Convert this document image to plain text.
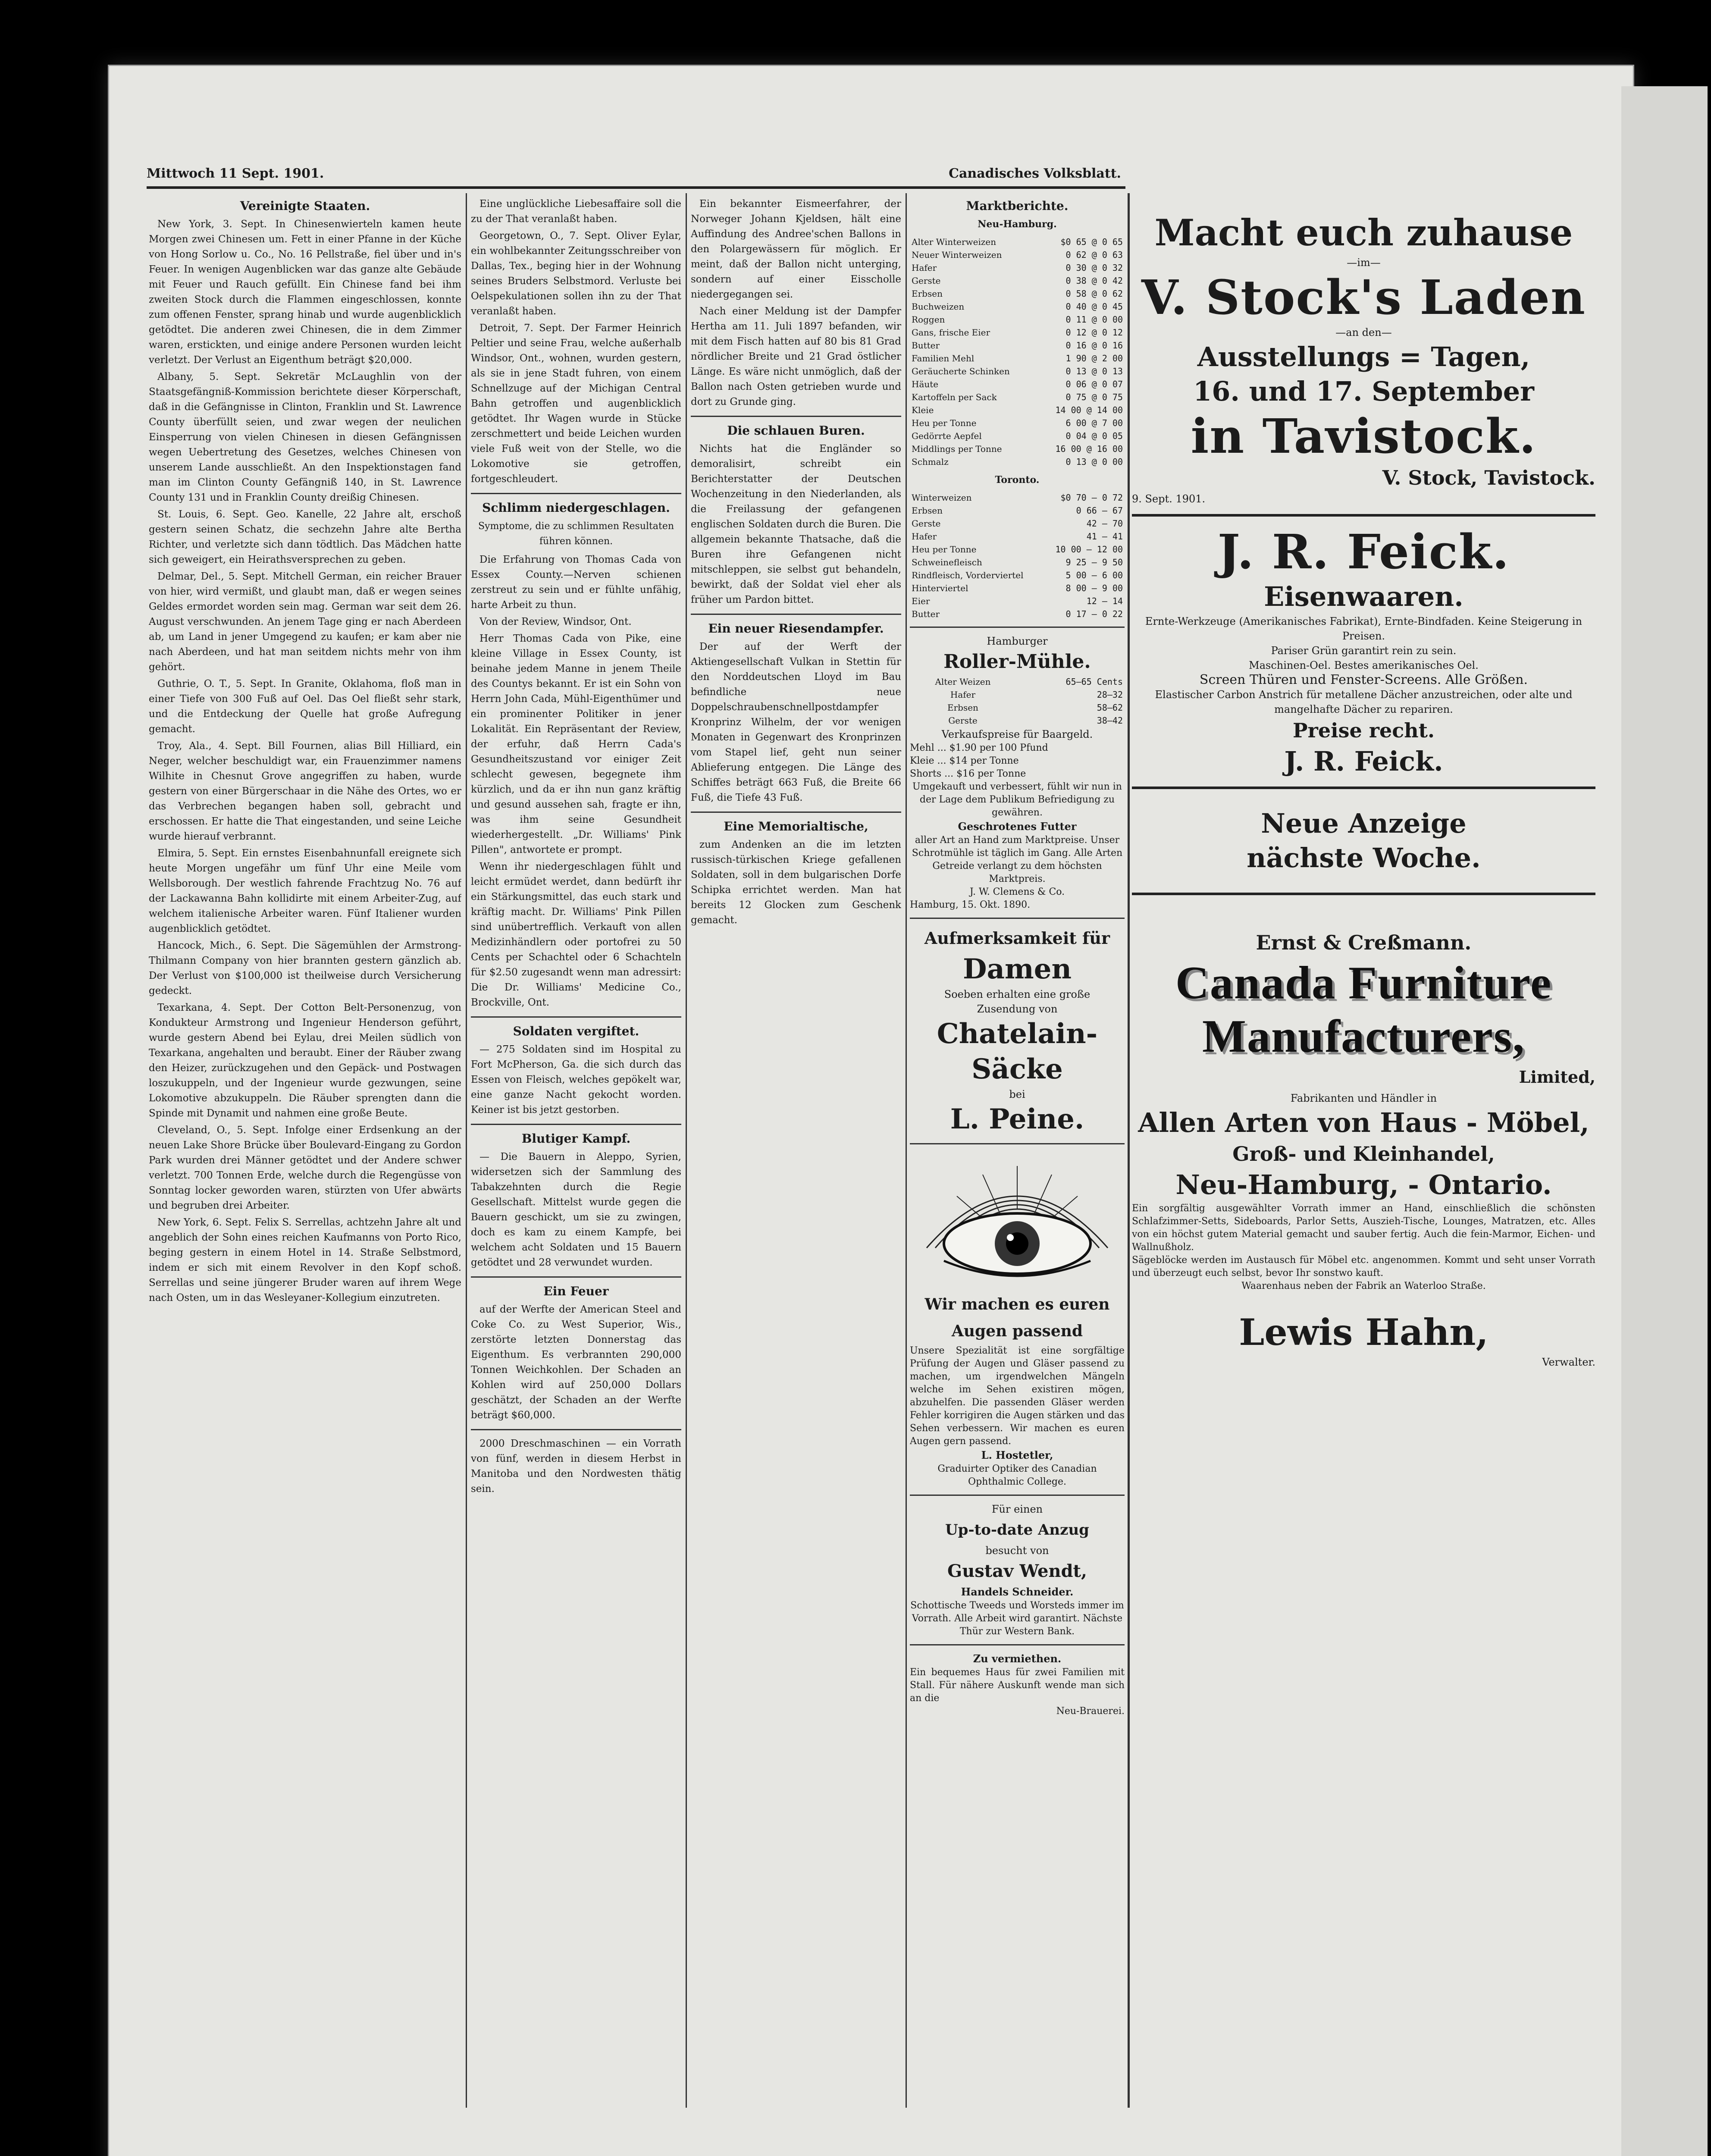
Mittwoch 11 Sept. 1901.	Canadisches Volksblatt.
Vereinigte Staaten.

New York, 3. Sept. In Chinesenwierteln kamen heute Morgen zwei Chinesen um. Fett in einer Pfanne in der Küche von Hong Sorlow u. Co., No. 16 Pellstraße, fiel über und in's Feuer. In wenigen Augenblicken war das ganze alte Gebäude mit Feuer und Rauch gefüllt. Ein Chinese fand bei ihm zweiten Stock durch die Flammen eingeschlossen, konnte zum offenen Fenster, sprang hinab und wurde augenblicklich getödtet. Die anderen zwei Chinesen, die in dem Zimmer waren, erstickten, und einige andere Personen wurden leicht verletzt. Der Verlust an Eigenthum beträgt $20,000.

Albany, 5. Sept. Sekretär McLaughlin von der Staatsgefängniß-Kommission berichtete dieser Körperschaft, daß in die Gefängnisse in Clinton, Franklin und St. Lawrence County überfüllt seien, und zwar wegen der neulichen Einsperrung von vielen Chinesen in diesen Gefängnissen wegen Uebertretung des Gesetzes, welches Chinesen von unserem Lande ausschließt. An den Inspektionstagen fand man im Clinton County Gefängniß 140, in St. Lawrence County 131 und in Franklin County dreißig Chinesen.

St. Louis, 6. Sept. Geo. Kanelle, 22 Jahre alt, erschoß gestern seinen Schatz, die sechzehn Jahre alte Bertha Richter, und verletzte sich dann tödtlich. Das Mädchen hatte sich geweigert, ein Heirathsversprechen zu geben.

Delmar, Del., 5. Sept. Mitchell German, ein reicher Brauer von hier, wird vermißt, und glaubt man, daß er wegen seines Geldes ermordet worden sein mag. German war seit dem 26. August verschwunden. An jenem Tage ging er nach Aberdeen ab, um Land in jener Umgegend zu kaufen; er kam aber nie nach Aberdeen, und hat man seitdem nichts mehr von ihm gehört.

Guthrie, O. T., 5. Sept. In Granite, Oklahoma, floß man in einer Tiefe von 300 Fuß auf Oel. Das Oel fließt sehr stark, und die Entdeckung der Quelle hat große Aufregung gemacht.

Troy, Ala., 4. Sept. Bill Fournen, alias Bill Hilliard, ein Neger, welcher beschuldigt war, ein Frauenzimmer namens Wilhite in Chesnut Grove angegriffen zu haben, wurde gestern von einer Bürgerschaar in die Nähe des Ortes, wo er das Verbrechen begangen haben soll, gebracht und erschossen. Er hatte die That eingestanden, und seine Leiche wurde hierauf verbrannt.

Elmira, 5. Sept. Ein ernstes Eisenbahnunfall ereignete sich heute Morgen ungefähr um fünf Uhr eine Meile vom Wellsborough. Der westlich fahrende Frachtzug No. 76 auf der Lackawanna Bahn kollidirte mit einem Arbeiter-Zug, auf welchem italienische Arbeiter waren. Fünf Italiener wurden augenblicklich getödtet.

Hancock, Mich., 6. Sept. Die Sägemühlen der Armstrong-Thilmann Company von hier brannten gestern gänzlich ab. Der Verlust von $100,000 ist theilweise durch Versicherung gedeckt.

Texarkana, 4. Sept. Der Cotton Belt-Personenzug, von Kondukteur Armstrong und Ingenieur Henderson geführt, wurde gestern Abend bei Eylau, drei Meilen südlich von Texarkana, angehalten und beraubt. Einer der Räuber zwang den Heizer, zurückzugehen und den Gepäck- und Postwagen loszukuppeln, und der Ingenieur wurde gezwungen, seine Lokomotive abzukuppeln. Die Räuber sprengten dann die Spinde mit Dynamit und nahmen eine große Beute.

Cleveland, O., 5. Sept. Infolge einer Erdsenkung an der neuen Lake Shore Brücke über Boulevard-Eingang zu Gordon Park wurden drei Männer getödtet und der Andere schwer verletzt. 700 Tonnen Erde, welche durch die Regengüsse von Sonntag locker geworden waren, stürzten von Ufer abwärts und begruben drei Arbeiter.

New York, 6. Sept. Felix S. Serrellas, achtzehn Jahre alt und angeblich der Sohn eines reichen Kaufmanns von Porto Rico, beging gestern in einem Hotel in 14. Straße Selbstmord, indem er sich mit einem Revolver in den Kopf schoß. Serrellas und seine jüngerer Bruder waren auf ihrem Wege nach Osten, um in das Wesleyaner-Kollegium einzutreten.

Eine unglückliche Liebesaffaire soll die zu der That veranlaßt haben.

Georgetown, O., 7. Sept. Oliver Eylar, ein wohlbekannter Zeitungsschreiber von Dallas, Tex., beging hier in der Wohnung seines Bruders Selbstmord. Verluste bei Oelspekulationen sollen ihn zu der That veranlaßt haben.

Detroit, 7. Sept. Der Farmer Heinrich Peltier und seine Frau, welche außerhalb Windsor, Ont., wohnen, wurden gestern, als sie in jene Stadt fuhren, von einem Schnellzuge auf der Michigan Central Bahn getroffen und augenblicklich getödtet. Ihr Wagen wurde in Stücke zerschmettert und beide Leichen wurden viele Fuß weit von der Stelle, wo die Lokomotive sie getroffen, fortgeschleudert.

Schlimm niedergeschlagen.
Symptome, die zu schlimmen Resultaten führen können.

Die Erfahrung von Thomas Cada von Essex County.—Nerven schienen zerstreut zu sein und er fühlte unfähig, harte Arbeit zu thun.

Von der Review, Windsor, Ont.

Herr Thomas Cada von Pike, eine kleine Village in Essex County, ist beinahe jedem Manne in jenem Theile des Countys bekannt. Er ist ein Sohn von Herrn John Cada, Mühl-Eigenthümer und ein prominenter Politiker in jener Lokalität. Ein Repräsentant der Review, der erfuhr, daß Herrn Cada's Gesundheitszustand vor einiger Zeit schlecht gewesen, begegnete ihm kürzlich, und da er ihn nun ganz kräftig und gesund aussehen sah, fragte er ihn, was ihm seine Gesundheit wiederhergestellt. „Dr. Williams' Pink Pillen", antwortete er prompt.

Wenn ihr niedergeschlagen fühlt und leicht ermüdet werdet, dann bedürft ihr ein Stärkungsmittel, das euch stark und kräftig macht. Dr. Williams' Pink Pillen sind unübertrefflich. Verkauft von allen Medizinhändlern oder portofrei zu 50 Cents per Schachtel oder 6 Schachteln für $2.50 zugesandt wenn man adressirt: Die Dr. Williams' Medicine Co., Brockville, Ont.

Soldaten vergiftet.

— 275 Soldaten sind im Hospital zu Fort McPherson, Ga. die sich durch das Essen von Fleisch, welches gepökelt war, eine ganze Nacht gekocht worden. Keiner ist bis jetzt gestorben.

Blutiger Kampf.

— Die Bauern in Aleppo, Syrien, widersetzen sich der Sammlung des Tabakzehnten durch die Regie Gesellschaft. Mittelst wurde gegen die Bauern geschickt, um sie zu zwingen, doch es kam zu einem Kampfe, bei welchem acht Soldaten und 15 Bauern getödtet und 28 verwundet wurden.

Ein Feuer

auf der Werfte der American Steel and Coke Co. zu West Superior, Wis., zerstörte letzten Donnerstag das Eigenthum. Es verbrannten 290,000 Tonnen Weichkohlen. Der Schaden an Kohlen wird auf 250,000 Dollars geschätzt, der Schaden an der Werfte beträgt $60,000.

2000 Dreschmaschinen — ein Vorrath von fünf, werden in diesem Herbst in Manitoba und den Nordwesten thätig sein.

Ein bekannter Eismeerfahrer, der Norweger Johann Kjeldsen, hält eine Auffindung des Andree'schen Ballons in den Polargewässern für möglich. Er meint, daß der Ballon nicht unterging, sondern auf einer Eisscholle niedergegangen sei.

Nach einer Meldung ist der Dampfer Hertha am 11. Juli 1897 befanden, wir mit dem Fisch hatten auf 80 bis 81 Grad nördlicher Breite und 21 Grad östlicher Länge. Es wäre nicht unmöglich, daß der Ballon nach Osten getrieben wurde und dort zu Grunde ging.

Die schlauen Buren.

Nichts hat die Engländer so demoralisirt, schreibt ein Berichterstatter der Deutschen Wochenzeitung in den Niederlanden, als die Freilassung der gefangenen englischen Soldaten durch die Buren. Die allgemein bekannte Thatsache, daß die Buren ihre Gefangenen nicht mitschleppen, sie selbst gut behandeln, bewirkt, daß der Soldat viel eher als früher um Pardon bittet.

Ein neuer Riesendampfer.

Der auf der Werft der Aktiengesellschaft Vulkan in Stettin für den Norddeutschen Lloyd im Bau befindliche neue Doppelschraubenschnellpostdampfer Kronprinz Wilhelm, der vor wenigen Monaten in Gegenwart des Kronprinzen vom Stapel lief, geht nun seiner Ablieferung entgegen. Die Länge des Schiffes beträgt 663 Fuß, die Breite 66 Fuß, die Tiefe 43 Fuß.

Eine Memorialtische,

zum Andenken an die im letzten russisch-türkischen Kriege gefallenen Soldaten, soll in dem bulgarischen Dorfe Schipka errichtet werden. Man hat bereits 12 Glocken zum Geschenk gemacht.

Marktberichte.
Neu-Hamburg.
Alter Winterweizen	$0 65 @ 0 65
Neuer Winterweizen	0 62 @ 0 63
Hafer	0 30 @ 0 32
Gerste	0 38 @ 0 42
Erbsen	0 58 @ 0 62
Buchweizen	0 40 @ 0 45
Roggen	0 11 @ 0 00
Gans, frische Eier	0 12 @ 0 12
Butter	0 16 @ 0 16
Familien Mehl	1 90 @ 2 00
Geräucherte Schinken	0 13 @ 0 13
Häute	0 06 @ 0 07
Kartoffeln per Sack	0 75 @ 0 75
Kleie	14 00 @ 14 00
Heu per Tonne	6 00 @ 7 00
Gedörrte Aepfel	0 04 @ 0 05
Middlings per Tonne	16 00 @ 16 00
Schmalz	0 13 @ 0 00
Toronto.
Winterweizen	$0 70 — 0 72
Erbsen	0 66 — 67
Gerste	42 — 70
Hafer	41 — 41
Heu per Tonne	10 00 — 12 00
Schweinefleisch	9 25 — 9 50
Rindfleisch, Vorderviertel	5 00 — 6 00
Hinterviertel	8 00 — 9 00
Eier	12 — 14
Butter	0 17 — 0 22
Hamburger
Roller-Mühle.
Alter Weizen	65—65 Cents
Hafer	28—32
Erbsen	58—62
Gerste	38—42
Verkaufspreise für Baargeld.
Mehl ... $1.90 per 100 Pfund
Kleie ... $14 per Tonne
Shorts ... $16 per Tonne
Umgekauft und verbessert, fühlt wir nun in der Lage dem Publikum Befriedigung zu gewähren.
Geschrotenes Futter
aller Art an Hand zum Marktpreise. Unser Schrotmühle ist täglich im Gang. Alle Arten Getreide verlangt zu dem höchsten Marktpreis.
J. W. Clemens & Co.
Hamburg, 15. Okt. 1890.
Aufmerksamkeit für
Damen
Soeben erhalten eine große
Zusendung von
Chatelain-
Säcke
bei
L. Peine.
Wir machen es euren
Augen passend
Unsere Spezialität ist eine sorgfältige Prüfung der Augen und Gläser passend zu machen, um irgendwelchen Mängeln welche im Sehen existiren mögen, abzuhelfen. Die passenden Gläser werden Fehler korrigiren die Augen stärken und das Sehen verbessern. Wir machen es euren Augen gern passend.
L. Hostetler,
Graduirter Optiker des Canadian Ophthalmic College.
Für einen
Up-to-date Anzug
besucht von
Gustav Wendt,
Handels Schneider.
Schottische Tweeds und Worsteds immer im Vorrath. Alle Arbeit wird garantirt. Nächste Thür zur Western Bank.
Zu vermiethen.
Ein bequemes Haus für zwei Familien mit Stall. Für nähere Auskunft wende man sich an die
Neu-Brauerei.
Macht euch zuhause
—im—
V. Stock's Laden
—an den—
Ausstellungs = Tagen,
16. und 17. September
in Tavistock.
V. Stock, Tavistock.
9. Sept. 1901.
J. R. Feick.
Eisenwaaren.
Ernte-Werkzeuge (Amerikanisches Fabrikat), Ernte-Bindfaden. Keine Steigerung in Preisen.
Pariser Grün garantirt rein zu sein.
Maschinen-Oel. Bestes amerikanisches Oel.
Screen Thüren und Fenster-Screens. Alle Größen.
Elastischer Carbon Anstrich für metallene Dächer anzustreichen, oder alte und mangelhafte Dächer zu repariren.
Preise recht.
J. R. Feick.
Neue Anzeige
nächste Woche.
Ernst & Creßmann.
Canada Furniture
Manufacturers,
Limited,
Fabrikanten und Händler in
Allen Arten von Haus - Möbel,
Groß- und Kleinhandel,
Neu-Hamburg, - Ontario.
Ein sorgfältig ausgewählter Vorrath immer an Hand, einschließlich die schönsten Schlafzimmer-Setts, Sideboards, Parlor Setts, Auszieh-Tische, Lounges, Matratzen, etc. Alles von ein höchst gutem Material gemacht und sauber fertig. Auch die fein-Marmor, Eichen- und Wallnußholz.
Sägeblöcke werden im Austausch für Möbel etc. angenommen. Kommt und seht unser Vorrath und überzeugt euch selbst, bevor Ihr sonstwo kauft.
Waarenhaus neben der Fabrik an Waterloo Straße.
Lewis Hahn,
Verwalter.
